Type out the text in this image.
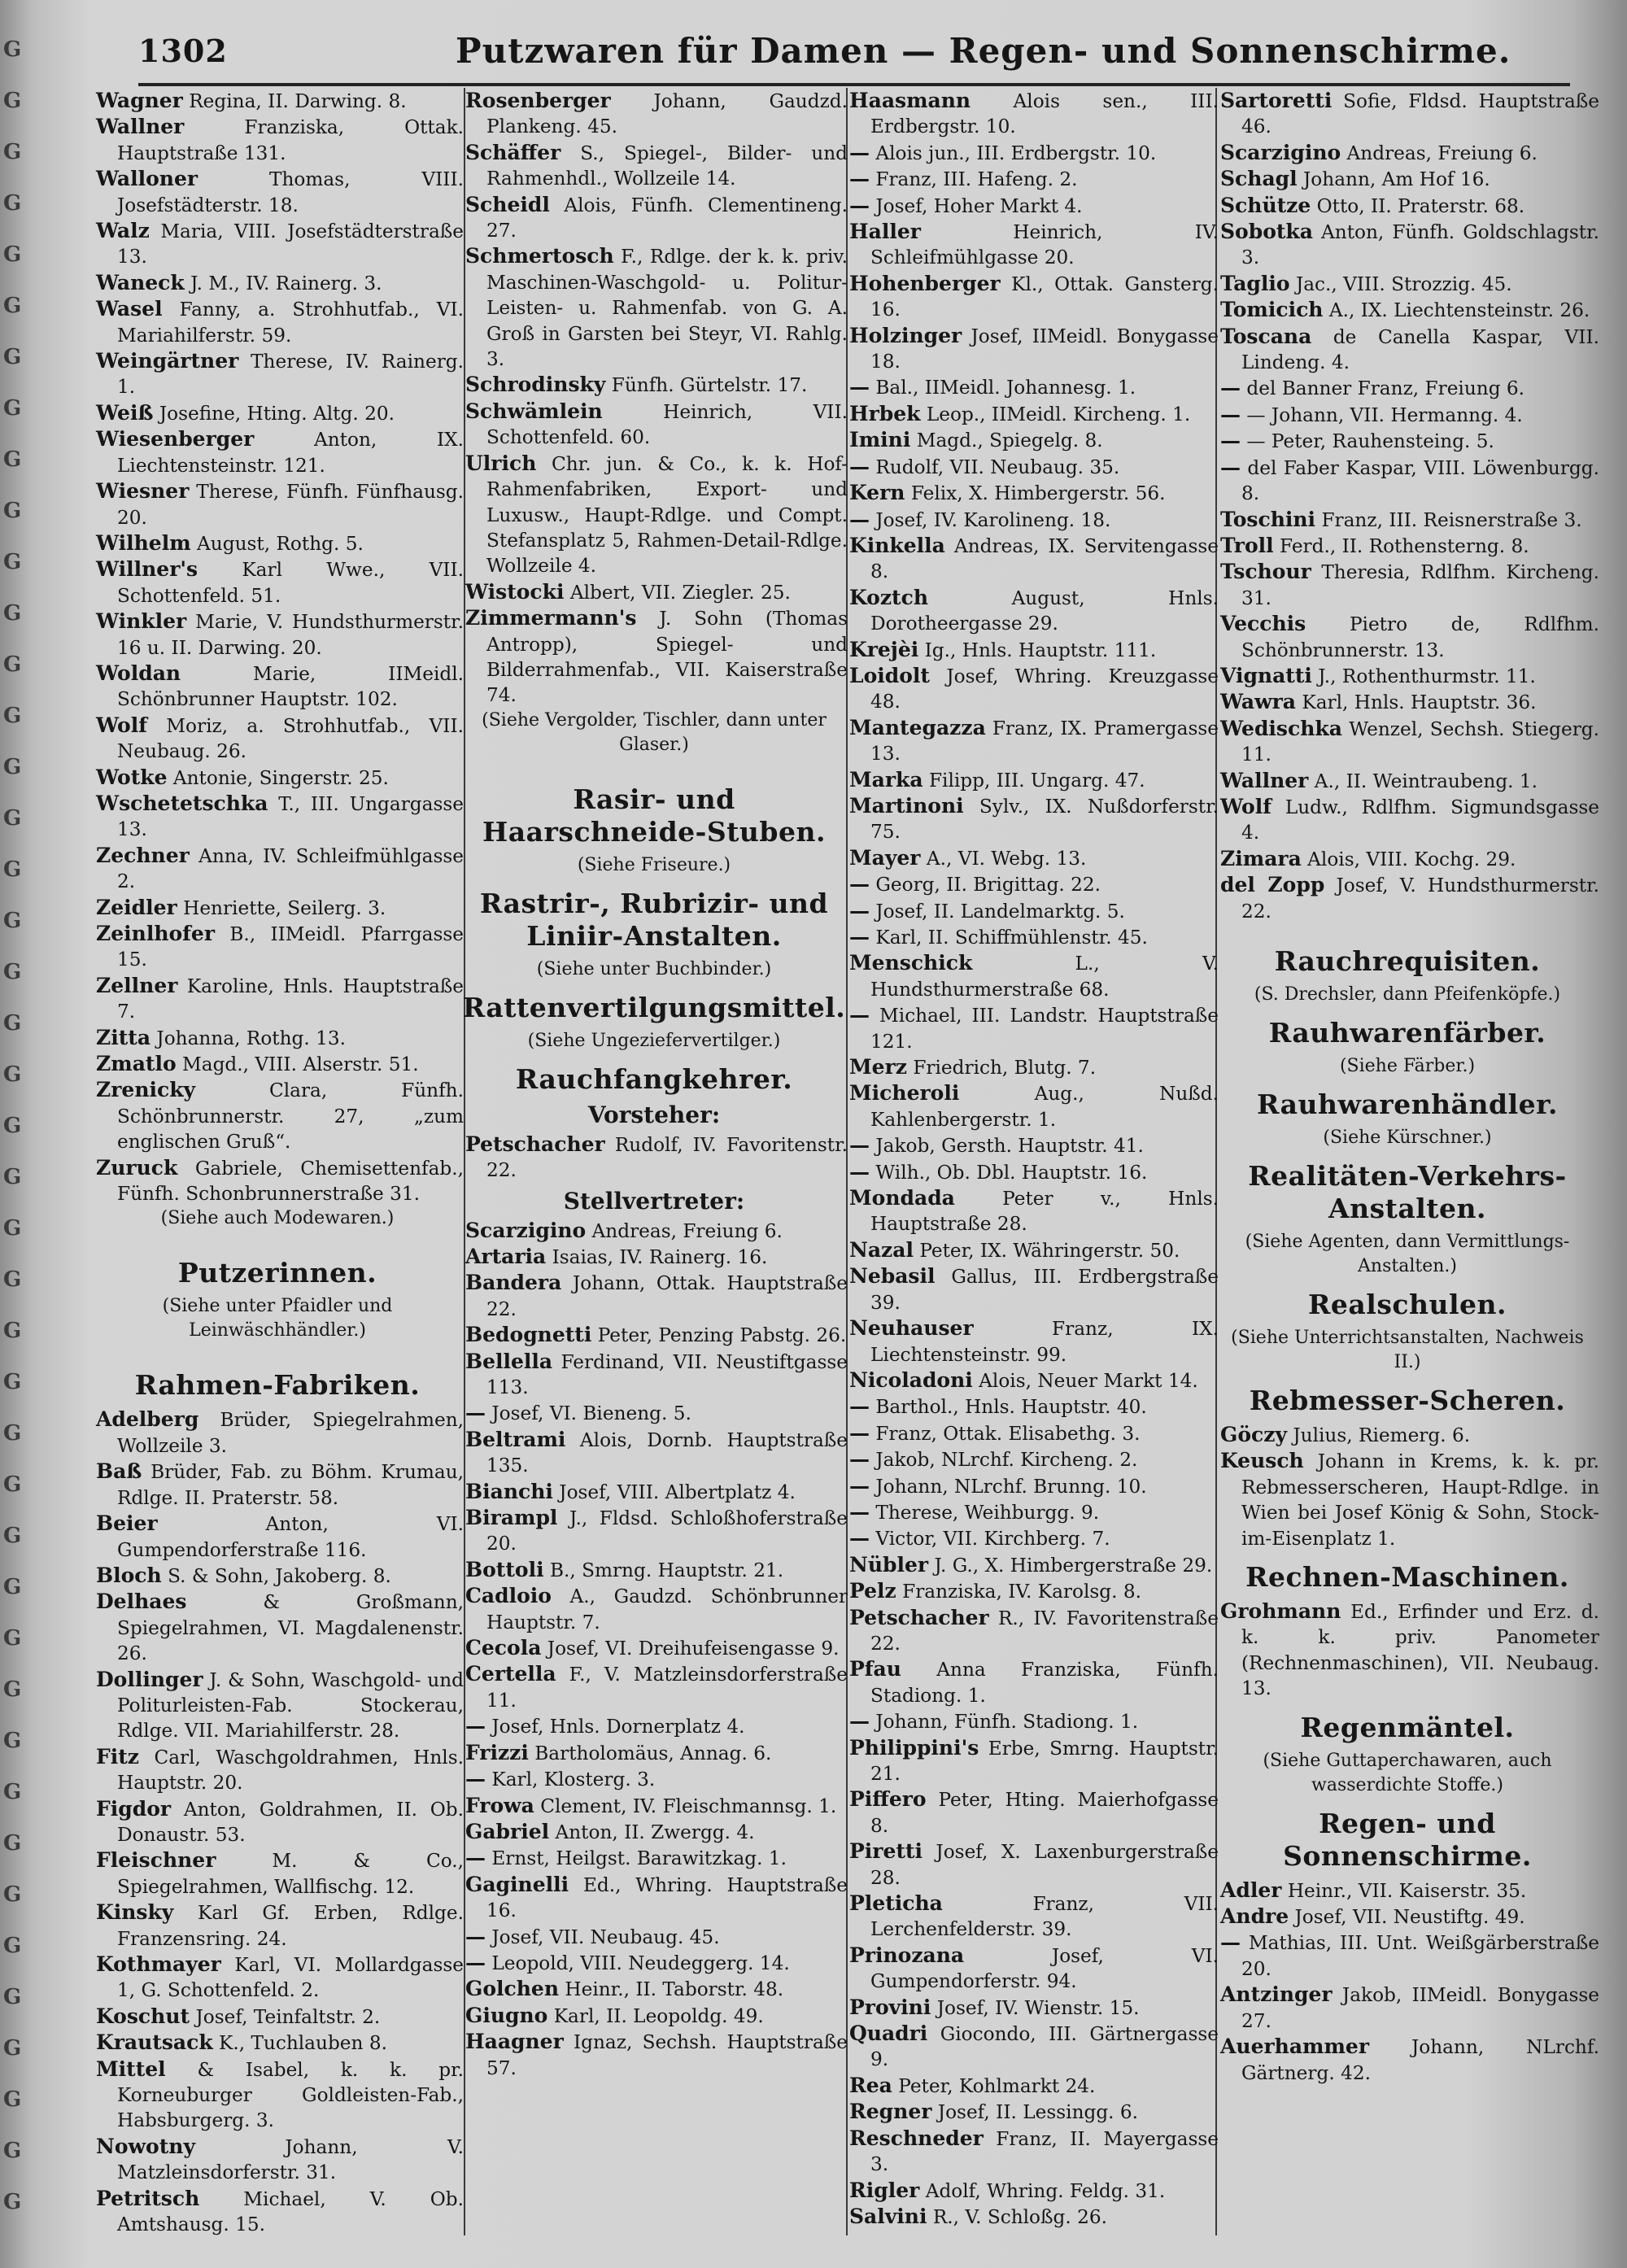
G
G
G
G
G
G
G
G
G
G
G
G
G
G
G
G
G
G
G
G
G
G
G
G
G
G
G
G
G
G
G
G
G
G
G
G
G
G
G
G
G
G
G
1302	Putzwaren für Damen — Regen- und Sonnenschirme.

Wagner Regina, II. Darwing. 8.

Wallner	Franziska, Ottak. Hauptstraße 131.

Walloner	Thomas, VIII. Josefstädterstr. 18.

Walz Maria, VIII. Josefstädterstraße 13.

Waneck J. M., IV. Rainerg. 3.

Wasel Fanny, a. Strohhutfab., VI. Mariahilferstr. 59.

Weingärtner Therese, IV. Rainerg. 1.

Weiß Josefine, Hting. Altg. 20.

Wiesenberger	Anton, IX. Liechtensteinstr. 121.

Wiesner Therese, Fünfh. Fünfhausg. 20.

Wilhelm August, Rothg. 5.

Willner's Karl Wwe., VII. Schottenfeld. 51.

Winkler Marie, V. Hundsthurmerstr. 16 u. II. Darwing. 20.

Woldan	Marie, IIMeidl. Schönbrunner Hauptstr. 102.

Wolf Moriz, a. Strohhutfab., VII. Neubaug. 26.

Wotke Antonie, Singerstr. 25.

Wschetetschka T., III. Ungargasse 13.

Zechner Anna, IV. Schleifmühlgasse 2.

Zeidler Henriette, Seilerg. 3.

Zeinlhofer B., IIMeidl. Pfarrgasse 15.

Zellner Karoline, Hnls. Hauptstraße 7.

Zitta Johanna, Rothg. 13.

Zmatlo Magd., VIII. Alserstr. 51.

Zrenicky	Clara, Fünfh. Schönbrunnerstr. 27, „zum englischen Gruß“.

Zuruck Gabriele, Chemisettenfab., Fünfh. Schonbrunnerstraße 31.

(Siehe auch Modewaren.)
Putzerinnen.
(Siehe unter Pfaidler und Leinwäschhändler.)
Rahmen-Fabriken.

Adelberg Brüder, Spiegelrahmen, Wollzeile 3.

Baß Brüder, Fab. zu Böhm. Krumau, Rdlge. II. Praterstr. 58.

Beier	Anton, VI. Gumpendorferstraße 116.

Bloch S. & Sohn, Jakoberg. 8.

Delhaes	& Großmann, Spiegelrahmen, VI. Magdalenenstr. 26.

Dollinger J. & Sohn, Waschgold- und Politurleisten-Fab. Stockerau, Rdlge. VII. Mariahilferstr. 28.

Fitz Carl, Waschgoldrahmen, Hnls. Hauptstr. 20.

Figdor Anton, Goldrahmen, II. Ob. Donaustr. 53.

Fleischner	M. & Co., Spiegelrahmen, Wallfischg. 12.

Kinsky Karl Gf. Erben, Rdlge. Franzensring. 24.

Kothmayer Karl, VI. Mollardgasse 1, G. Schottenfeld. 2.

Koschut Josef, Teinfaltstr. 2.

Krautsack K., Tuchlauben 8.

Mittel & Isabel, k. k. pr. Korneuburger Goldleisten-Fab., Habsburgerg. 3.

Nowotny	Johann, V. Matzleinsdorferstr. 31.

Petritsch Michael, V. Ob. Amtshausg. 15.

Rosenberger Johann, Gaudzd. Plankeng. 45.

Schäffer S., Spiegel-, Bilder- und Rahmenhdl., Wollzeile 14.

Scheidl Alois, Fünfh. Clementineng. 27.

Schmertosch F., Rdlge. der k. k. priv. Maschinen-Waschgold- u. Politur-Leisten- u. Rahmenfab. von G. A. Groß in Garsten bei Steyr, VI. Rahlg. 3.

Schrodinsky Fünfh. Gürtelstr. 17.

Schwämlein	Heinrich, VII. Schottenfeld. 60.

Ulrich Chr. jun. & Co., k. k. Hof-Rahmenfabriken, Export- und Luxusw., Haupt-Rdlge. und Compt. Stefansplatz 5, Rahmen-Detail-Rdlge. Wollzeile 4.

Wistocki Albert, VII. Ziegler. 25.

Zimmermann's J. Sohn (Thomas Antropp), Spiegel- und Bilderrahmenfab., VII. Kaiserstraße 74.

(Siehe Vergolder, Tischler, dann unter Glaser.)
Rasir- und Haarschneide-Stuben.
(Siehe Friseure.)
Rastrir-, Rubrizir- und Liniir-Anstalten.
(Siehe unter Buchbinder.)
Rattenvertilgungsmittel.
(Siehe Ungeziefervertilger.)
Rauchfangkehrer.
Vorsteher:

Petschacher Rudolf, IV. Favoritenstr. 22.

Stellvertreter:

Scarzigino Andreas, Freiung 6.

Artaria Isaias, IV. Rainerg. 16.

Bandera Johann, Ottak. Hauptstraße 22.

Bedognetti Peter, Penzing Pabstg. 26.

Bellella Ferdinand, VII. Neustiftgasse 113.

— Josef, VI. Bieneng. 5.

Beltrami Alois, Dornb. Hauptstraße 135.

Bianchi Josef, VIII. Albertplatz 4.

Birampl J., Fldsd. Schloßhoferstraße 20.

Bottoli B., Smrng. Hauptstr. 21.

Cadloio A., Gaudzd. Schönbrunner Hauptstr. 7.

Cecola Josef, VI. Dreihufeisengasse 9.

Certella F., V. Matzleinsdorferstraße 11.

— Josef, Hnls. Dornerplatz 4.

Frizzi Bartholomäus, Annag. 6.

— Karl, Klosterg. 3.

Frowa Clement, IV. Fleischmannsg. 1.

Gabriel Anton, II. Zwergg. 4.

— Ernst, Heilgst. Barawitzkag. 1.

Gaginelli Ed., Whring. Hauptstraße 16.

— Josef, VII. Neubaug. 45.

— Leopold, VIII. Neudeggerg. 14.

Golchen Heinr., II. Taborstr. 48.

Giugno Karl, II. Leopoldg. 49.

Haagner Ignaz, Sechsh. Hauptstraße 57.

Haasmann Alois sen., III. Erdbergstr. 10.

— Alois jun., III. Erdbergstr. 10.

— Franz, III. Hafeng. 2.

— Josef, Hoher Markt 4.

Haller	Heinrich, IV. Schleifmühlgasse 20.

Hohenberger Kl., Ottak. Gansterg. 16.

Holzinger Josef, IIMeidl. Bonygasse 18.

— Bal., IIMeidl. Johannesg. 1.

Hrbek Leop., IIMeidl. Kircheng. 1.

Imini Magd., Spiegelg. 8.

— Rudolf, VII. Neubaug. 35.

Kern Felix, X. Himbergerstr. 56.

— Josef, IV. Karolineng. 18.

Kinkella Andreas, IX. Servitengasse 8.

Koztch	August, Hnls. Dorotheergasse 29.

Krejèi Ig., Hnls. Hauptstr. 111.

Loidolt Josef, Whring. Kreuzgasse 48.

Mantegazza Franz, IX. Pramergasse 13.

Marka Filipp, III. Ungarg. 47.

Martinoni Sylv., IX. Nußdorferstr. 75.

Mayer A., VI. Webg. 13.

— Georg, II. Brigittag. 22.

— Josef, II. Landelmarktg. 5.

— Karl, II. Schiffmühlenstr. 45.

Menschick	L., V. Hundsthurmerstraße 68.

— Michael, III. Landstr. Hauptstraße 121.

Merz Friedrich, Blutg. 7.

Micheroli	Aug., Nußd. Kahlenbergerstr. 1.

— Jakob, Gersth. Hauptstr. 41.

— Wilh., Ob. Dbl. Hauptstr. 16.

Mondada	Peter v., Hnls. Hauptstraße 28.

Nazal Peter, IX. Währingerstr. 50.

Nebasil Gallus, III. Erdbergstraße 39.

Neuhauser	Franz, IX. Liechtensteinstr. 99.

Nicoladoni Alois, Neuer Markt 14.

— Barthol., Hnls. Hauptstr. 40.

— Franz, Ottak. Elisabethg. 3.

— Jakob, NLrchf. Kircheng. 2.

— Johann, NLrchf. Brunng. 10.

— Therese, Weihburgg. 9.

— Victor, VII. Kirchberg. 7.

Nübler J. G., X. Himbergerstraße 29.

Pelz Franziska, IV. Karolsg. 8.

Petschacher R., IV. Favoritenstraße 22.

Pfau Anna Franziska, Fünfh. Stadiong. 1.

— Johann, Fünfh. Stadiong. 1.

Philippini's Erbe, Smrng. Hauptstr. 21.

Piffero Peter, Hting. Maierhofgasse 8.

Piretti Josef, X. Laxenburgerstraße 28.

Pleticha	Franz, VII. Lerchenfelderstr. 39.

Prinozana	Josef, VI. Gumpendorferstr. 94.

Provini Josef, IV. Wienstr. 15.

Quadri Giocondo, III. Gärtnergasse 9.

Rea Peter, Kohlmarkt 24.

Regner Josef, II. Lessingg. 6.

Reschneder Franz, II. Mayergasse 3.

Rigler Adolf, Whring. Feldg. 31.

Salvini R., V. Schloßg. 26.

Sartoretti Sofie, Fldsd. Hauptstraße 46.

Scarzigino Andreas, Freiung 6.

Schagl Johann, Am Hof 16.

Schütze Otto, II. Praterstr. 68.

Sobotka Anton, Fünfh. Goldschlagstr. 3.

Taglio Jac., VIII. Strozzig. 45.

Tomicich A., IX. Liechtensteinstr. 26.

Toscana de Canella Kaspar, VII. Lindeng. 4.

— del Banner Franz, Freiung 6.

— — Johann, VII. Hermanng. 4.

— — Peter, Rauhensteing. 5.

— del Faber Kaspar, VIII. Löwenburgg. 8.

Toschini Franz, III. Reisnerstraße 3.

Troll Ferd., II. Rothensterng. 8.

Tschour Theresia, Rdlfhm. Kircheng. 31.

Vecchis Pietro de, Rdlfhm. Schönbrunnerstr. 13.

Vignatti J., Rothenthurmstr. 11.

Wawra Karl, Hnls. Hauptstr. 36.

Wedischka Wenzel, Sechsh. Stiegerg. 11.

Wallner A., II. Weintraubeng. 1.

Wolf Ludw., Rdlfhm. Sigmundsgasse 4.

Zimara Alois, VIII. Kochg. 29.

del Zopp Josef, V. Hundsthurmerstr. 22.

Rauchrequisiten.
(S. Drechsler, dann Pfeifenköpfe.)
Rauhwarenfärber.
(Siehe Färber.)
Rauhwarenhändler.
(Siehe Kürschner.)
Realitäten-Verkehrs-Anstalten.
(Siehe Agenten, dann Vermittlungs-Anstalten.)
Realschulen.
(Siehe Unterrichtsanstalten, Nachweis II.)
Rebmesser-Scheren.

Göczy Julius, Riemerg. 6.

Keusch Johann in Krems, k. k. pr. Rebmesserscheren, Haupt-Rdlge. in Wien bei Josef König & Sohn, Stock-im-Eisenplatz 1.

Rechnen-Maschinen.

Grohmann Ed., Erfinder und Erz. d. k. k. priv. Panometer (Rechnenmaschinen), VII. Neubaug. 13.

Regenmäntel.
(Siehe Guttaperchawaren, auch wasserdichte Stoffe.)
Regen- und Sonnenschirme.

Adler Heinr., VII. Kaiserstr. 35.

Andre Josef, VII. Neustiftg. 49.

— Mathias, III. Unt. Weißgärberstraße 20.

Antzinger Jakob, IIMeidl. Bonygasse 27.

Auerhammer Johann, NLrchf. Gärtnerg. 42.
